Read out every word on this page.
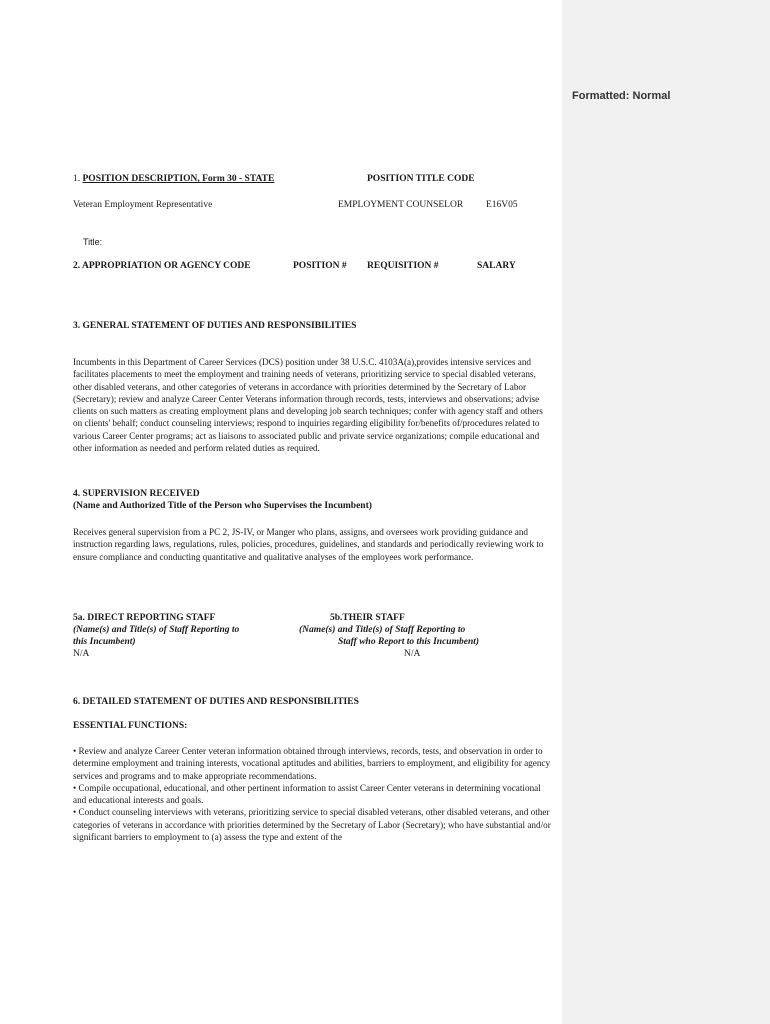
1. POSITION DESCRIPTION, Form 30 - STATE	POSITION TITLE CODE
Veteran Employment Representative	EMPLOYMENT COUNSELOR E16V05
Title:
2. APPROPRIATION OR AGENCY CODE	POSITION # REQUISITION #	SALARY
3. GENERAL STATEMENT OF DUTIES AND RESPONSIBILITIES
Incumbents in this Department of Career Services (DCS) position under 38 U.S.C. 4103A(a),provides intensive services and facilitates placements to meet the employment and training needs of veterans, prioritizing service to special disabled veterans, other disabled veterans, and other categories of veterans in accordance with priorities determined by the Secretary of Labor (Secretary); review and analyze Career Center Veterans information through records, tests, interviews and observations; advise clients on such matters as creating employment plans and developing job search techniques; confer with agency staff and others on clients' behalf; conduct counseling interviews; respond to inquiries regarding eligibility for/benefits of/procedures related to various Career Center programs; act as liaisons to associated public and private service organizations; compile educational and other information as needed and perform related duties as required.
4. SUPERVISION RECEIVED
(Name and Authorized Title of the Person who Supervises the Incumbent)
Receives general supervision from a PC 2, JS-IV, or Manger who plans, assigns, and oversees work providing guidance and instruction regarding laws, regulations, rules, policies, procedures, guidelines, and standards and periodically reviewing work to ensure compliance and conducting quantitative and qualitative analyses of the employees work performance.
5a. DIRECT REPORTING STAFF
(Name(s) and Title(s) of Staff Reporting to
this Incumbent)
N/A
5b.THEIR STAFF
(Name(s) and Title(s) of Staff Reporting to
Staff who Report to this Incumbent)
N/A
6. DETAILED STATEMENT OF DUTIES AND RESPONSIBILITIES
ESSENTIAL FUNCTIONS:
• Review and analyze Career Center veteran information obtained through interviews, records, tests, and observation in order to determine employment and training interests, vocational aptitudes and abilities, barriers to employment, and eligibility for agency services and programs and to make appropriate recommendations.
• Compile occupational, educational, and other pertinent information to assist Career Center veterans in determining vocational and educational interests and goals.
• Conduct counseling interviews with veterans, prioritizing service to special disabled veterans, other disabled veterans, and other categories of veterans in accordance with priorities determined by the Secretary of Labor (Secretary); who have substantial and/or significant barriers to employment to (a) assess the type and extent of the
Formatted: Normal
